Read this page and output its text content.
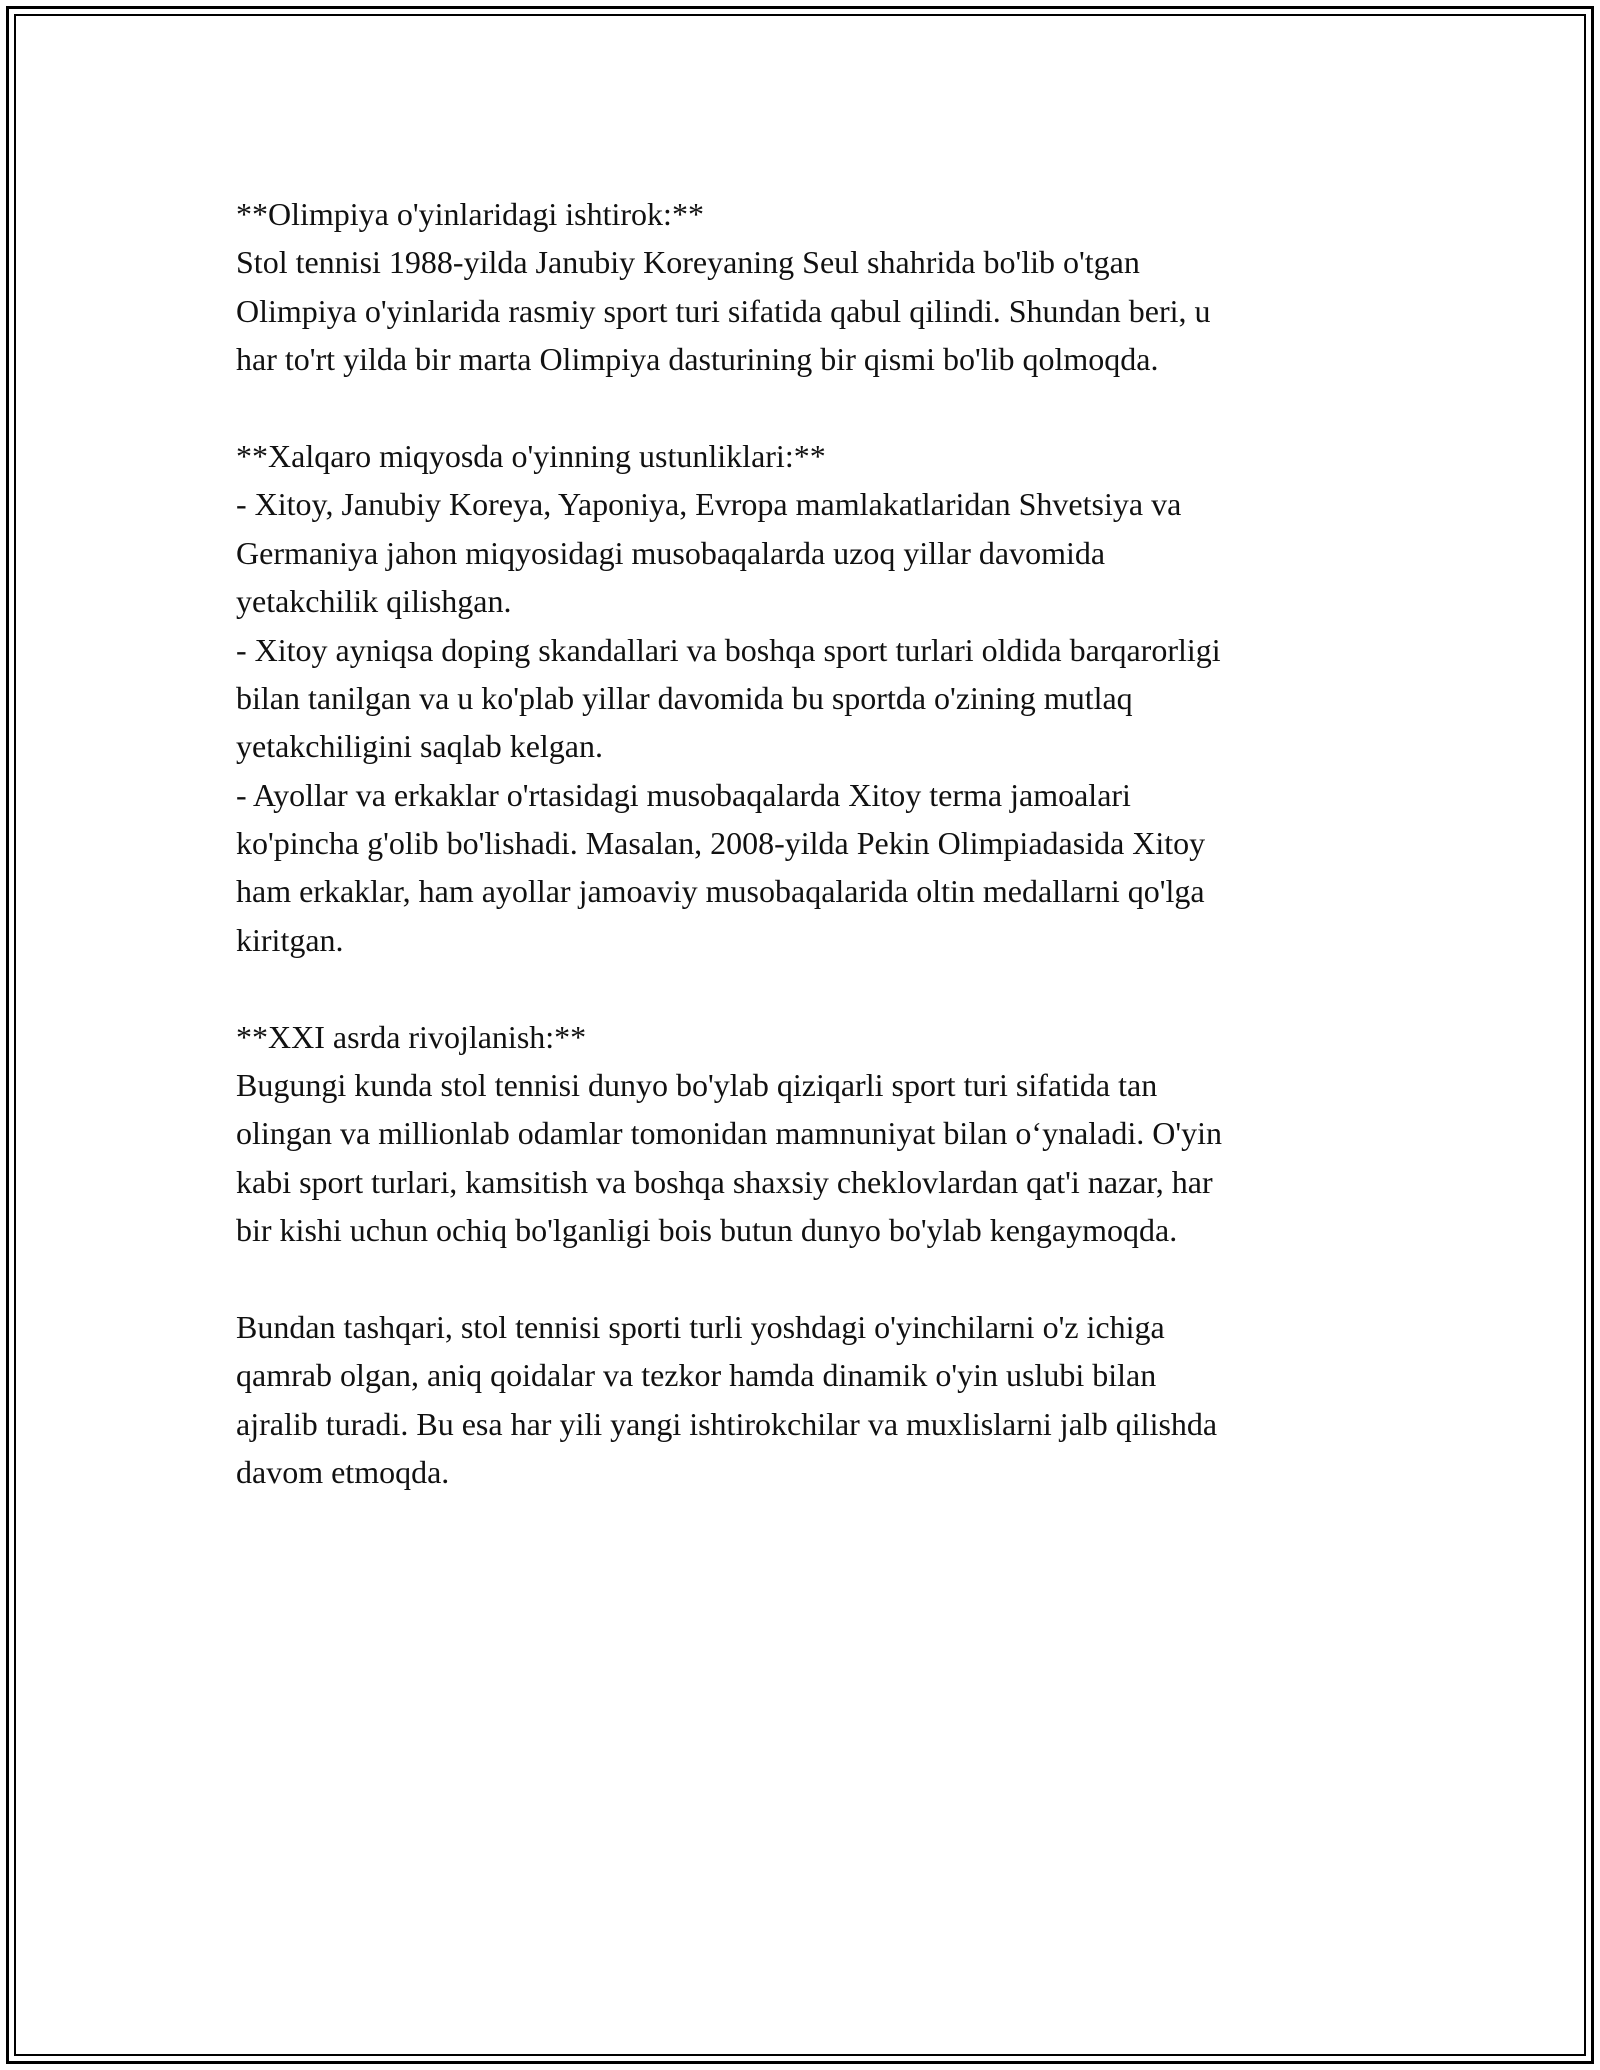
**Olimpiya o'yinlaridagi ishtirok:**
Stol tennisi 1988-yilda Janubiy Koreyaning Seul shahrida bo'lib o'tgan
Olimpiya o'yinlarida rasmiy sport turi sifatida qabul qilindi. Shundan beri, u
har to'rt yilda bir marta Olimpiya dasturining bir qismi bo'lib qolmoqda.
**Xalqaro miqyosda o'yinning ustunliklari:**
- Xitoy, Janubiy Koreya, Yaponiya, Evropa mamlakatlaridan Shvetsiya va
Germaniya jahon miqyosidagi musobaqalarda uzoq yillar davomida
yetakchilik qilishgan.
- Xitoy ayniqsa doping skandallari va boshqa sport turlari oldida barqarorligi
bilan tanilgan va u ko'plab yillar davomida bu sportda o'zining mutlaq
yetakchiligini saqlab kelgan.
- Ayollar va erkaklar o'rtasidagi musobaqalarda Xitoy terma jamoalari
ko'pincha g'olib bo'lishadi. Masalan, 2008-yilda Pekin Olimpiadasida Xitoy
ham erkaklar, ham ayollar jamoaviy musobaqalarida oltin medallarni qo'lga
kiritgan.
**XXI asrda rivojlanish:**
Bugungi kunda stol tennisi dunyo bo'ylab qiziqarli sport turi sifatida tan
olingan va millionlab odamlar tomonidan mamnuniyat bilan o‘ynaladi. O'yin
kabi sport turlari, kamsitish va boshqa shaxsiy cheklovlardan qat'i nazar, har
bir kishi uchun ochiq bo'lganligi bois butun dunyo bo'ylab kengaymoqda.
Bundan tashqari, stol tennisi sporti turli yoshdagi o'yinchilarni o'z ichiga
qamrab olgan, aniq qoidalar va tezkor hamda dinamik o'yin uslubi bilan
ajralib turadi. Bu esa har yili yangi ishtirokchilar va muxlislarni jalb qilishda
davom etmoqda.
